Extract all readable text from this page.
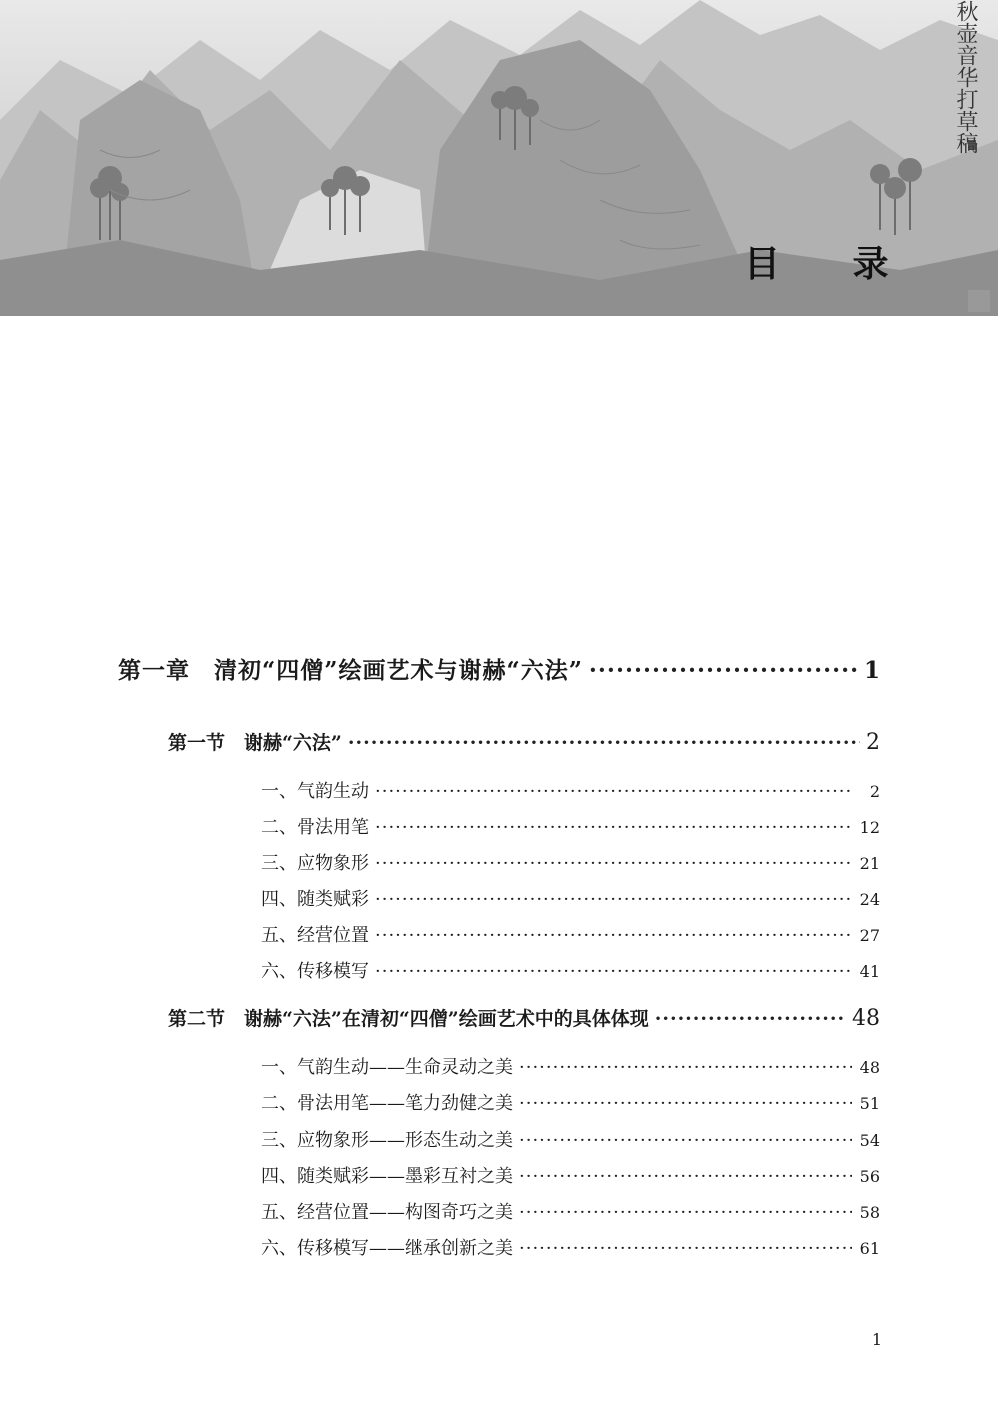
秋壶音华打草稿
目 录
第一章　清初“四僧”绘画艺术与谢赫“六法” ·····	1
第一节　谢赫“六法” ·····	2
一、气韵生动 ·····	2
二、骨法用笔 ·····	12
三、应物象形 ·····	21
四、随类赋彩 ·····	24
五、经营位置 ·····	27
六、传移模写 ·····	41
第二节　谢赫“六法”在清初“四僧”绘画艺术中的具体体现 ·····	48
一、气韵生动——生命灵动之美 ·····	48
二、骨法用笔——笔力劲健之美 ·····	51
三、应物象形——形态生动之美 ·····	54
四、随类赋彩——墨彩互衬之美 ·····	56
五、经营位置——构图奇巧之美 ·····	58
六、传移模写——继承创新之美 ·····	61
1
